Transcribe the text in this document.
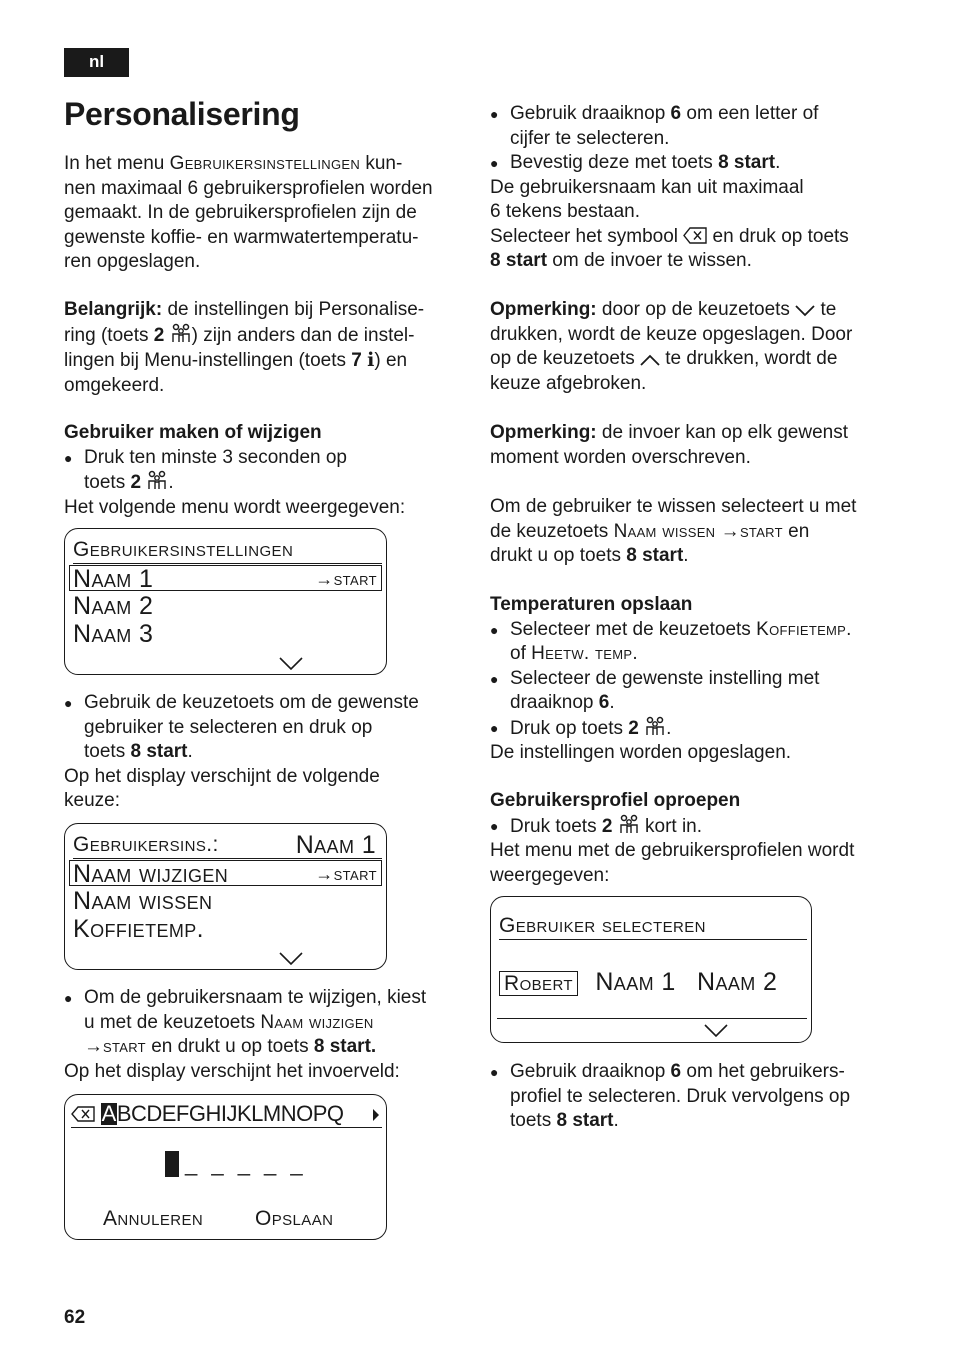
nl
Personalisering

In het menu Gebruikersinstellingen kun-

nen maximaal 6 gebruikersprofielen worden

gemaakt. In de gebruikersprofielen zijn de

gewenste koffie- en warmwatertemperatu-

ren opgeslagen.

Belangrijk: de instellingen bij Personalise-

ring (toets 2 ) zijn anders dan de instel-

lingen bij Menu-instellingen (toets 7 i) en

omgekeerd.

Gebruiker maken of wijzigen

● Druk ten minste 3 seconden op

toets 2 .

Het volgende menu wordt weergegeven:

● Gebruik de keuzetoets om de gewenste

gebruiker te selecteren en druk op

toets 8 start.

Op het display verschijnt de volgende

keuze:

● Om de gebruikersnaam te wijzigen, kiest

u met de keuzetoets Naam wijzigen

→start en drukt u op toets 8 start.

Op het display verschijnt het invoerveld:

Gebruikersinstellingen
Naam 1	→start
Naam 2
Naam 3
Gebruikersins.:	Naam 1
Naam wijzigen	→start
Naam wissen
Koffietemp.
ABCDEFGHIJKLMNOPQ
_ _ _ _ _
Annuleren Opslaan

● Gebruik draaiknop 6 om een letter of

cijfer te selecteren.

● Bevestig deze met toets 8 start.

De gebruikersnaam kan uit maximaal

6 tekens bestaan.

Selecteer het symbool  en druk op toets

8 start om de invoer te wissen.

Opmerking: door op de keuzetoets  te

drukken, wordt de keuze opgeslagen. Door

op de keuzetoets  te drukken, wordt de

keuze afgebroken.

Opmerking: de invoer kan op elk gewenst

moment worden overschreven.

Om de gebruiker te wissen selecteert u met

de keuzetoets Naam wissen →start en

drukt u op toets 8 start.

Temperaturen opslaan

● Selecteer met de keuzetoets Koffietemp.

of Heetw. temp.

● Selecteer de gewenste instelling met

draaiknop 6.

● Druk op toets 2 .

De instellingen worden opgeslagen.

Gebruikersprofiel oproepen

● Druk toets 2  kort in.

Het menu met de gebruikersprofielen wordt

weergegeven:

● Gebruik draaiknop 6 om het gebruikers-

profiel te selecteren. Druk vervolgens op

toets 8 start.

Gebruiker selecteren
Robert Naam 1 Naam 2
62
